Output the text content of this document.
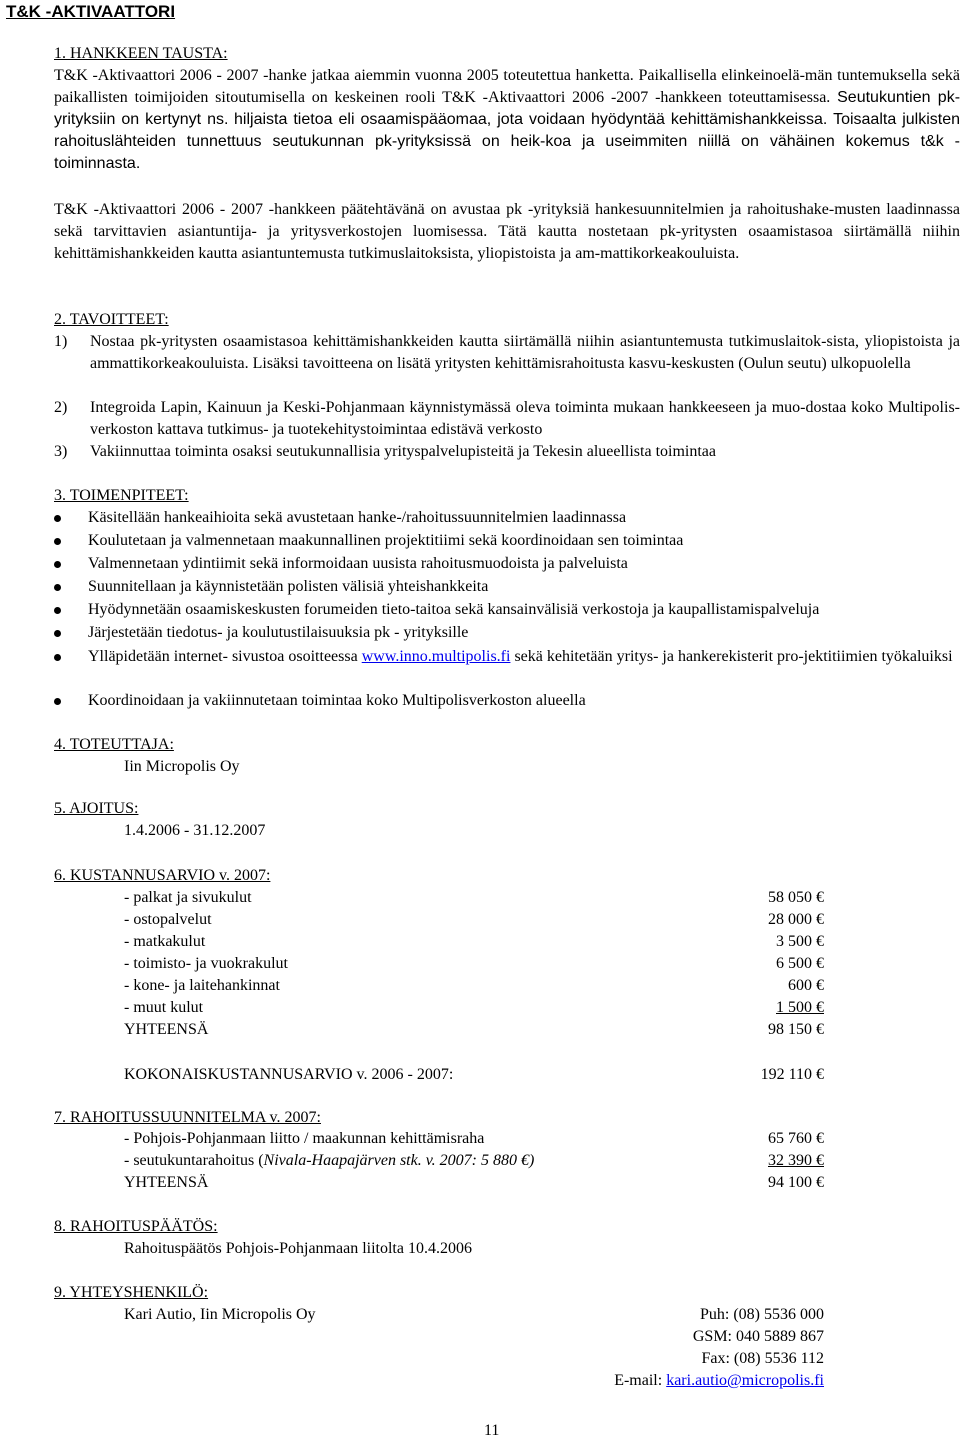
T&K -AKTIVAATTORI
1. HANKKEEN TAUSTA:
T&K -Aktivaattori 2006 - 2007 -hanke jatkaa aiemmin vuonna 2005 toteutettua hanketta. Paikallisella elinkeinoelä-män tuntemuksella sekä paikallisten toimijoiden sitoutumisella on keskeinen rooli T&K -Aktivaattori 2006 -2007 -hankkeen toteuttamisessa. Seutukuntien pk-yrityksiin on kertynyt ns. hiljaista tietoa eli osaamispääomaa, jota voidaan hyödyntää kehittämishankkeissa. Toisaalta julkisten rahoituslähteiden tunnettuus seutukunnan pk-yrityksissä on heik-koa ja useimmiten niillä on vähäinen kokemus t&k -toiminnasta.
T&K -Aktivaattori 2006 - 2007 -hankkeen päätehtävänä on avustaa pk -yrityksiä hankesuunnitelmien ja rahoitushake-musten laadinnassa sekä tarvittavien asiantuntija- ja yritysverkostojen luomisessa. Tätä kautta nostetaan pk-yritysten osaamistasoa siirtämällä niihin kehittämishankkeiden kautta asiantuntemusta tutkimuslaitoksista, yliopistoista ja am-mattikorkeakouluista.
2. TAVOITTEET:
1) Nostaa pk-yritysten osaamistasoa kehittämishankkeiden kautta siirtämällä niihin asiantuntemusta tutkimuslaitok-sista, yliopistoista ja ammattikorkeakouluista. Lisäksi tavoitteena on lisätä yritysten kehittämisrahoitusta kasvu-keskusten (Oulun seutu) ulkopuolella
2) Integroida Lapin, Kainuun ja Keski-Pohjanmaan käynnistymässä oleva toiminta mukaan hankkeeseen ja muo-dostaa koko Multipolis-verkoston kattava tutkimus- ja tuotekehitystoimintaa edistävä verkosto
3) Vakiinnuttaa toiminta osaksi seutukunnallisia yrityspalvelupisteitä ja Tekesin alueellista toimintaa
3. TOIMENPITEET:
Käsitellään hankeaihioita sekä avustetaan hanke-/rahoitussuunnitelmien laadinnassa
Koulutetaan ja valmennetaan maakunnallinen projektitiimi sekä koordinoidaan sen toimintaa
Valmennetaan ydintiimit sekä informoidaan uusista rahoitusmuodoista ja palveluista
Suunnitellaan ja käynnistetään polisten välisiä yhteishankkeita
Hyödynnetään osaamiskeskusten forumeiden tieto-taitoa sekä kansainvälisiä verkostoja ja kaupallistamispalveluja
Järjestetään tiedotus- ja koulutustilaisuuksia pk - yrityksille
Ylläpidetään internet- sivustoa osoitteessa www.inno.multipolis.fi sekä kehitetään yritys- ja hankerekisterit pro-jektitiimien työkaluiksi
Koordinoidaan ja vakiinnutetaan toimintaa koko Multipolisverkoston alueella
4. TOTEUTTAJA:
Iin Micropolis Oy
5. AJOITUS:
1.4.2006 - 31.12.2007
6. KUSTANNUSARVIO v. 2007:
- palkat ja sivukulut	58 050 €
- ostopalvelut	28 000 €
- matkakulut	3 500 €
- toimisto- ja vuokrakulut	6 500 €
- kone- ja laitehankinnat	600 €
- muut kulut	1 500 €
YHTEENSÄ	98 150 €
KOKONAISKUSTANNUSARVIO v. 2006 - 2007:	192 110 €
7. RAHOITUSSUUNNITELMA v. 2007:
- Pohjois-Pohjanmaan liitto / maakunnan kehittämisraha	65 760 €
- seutukuntarahoitus (Nivala-Haapajärven stk. v. 2007: 5 880 €)	32 390 €
YHTEENSÄ	94 100 €
8. RAHOITUSPÄÄTÖS:
Rahoituspäätös Pohjois-Pohjanmaan liitolta 10.4.2006
9. YHTEYSHENKILÖ:
Kari Autio, Iin Micropolis Oy	Puh: (08) 5536 000
GSM: 040 5889 867
Fax: (08) 5536 112
E-mail: kari.autio@micropolis.fi
11
